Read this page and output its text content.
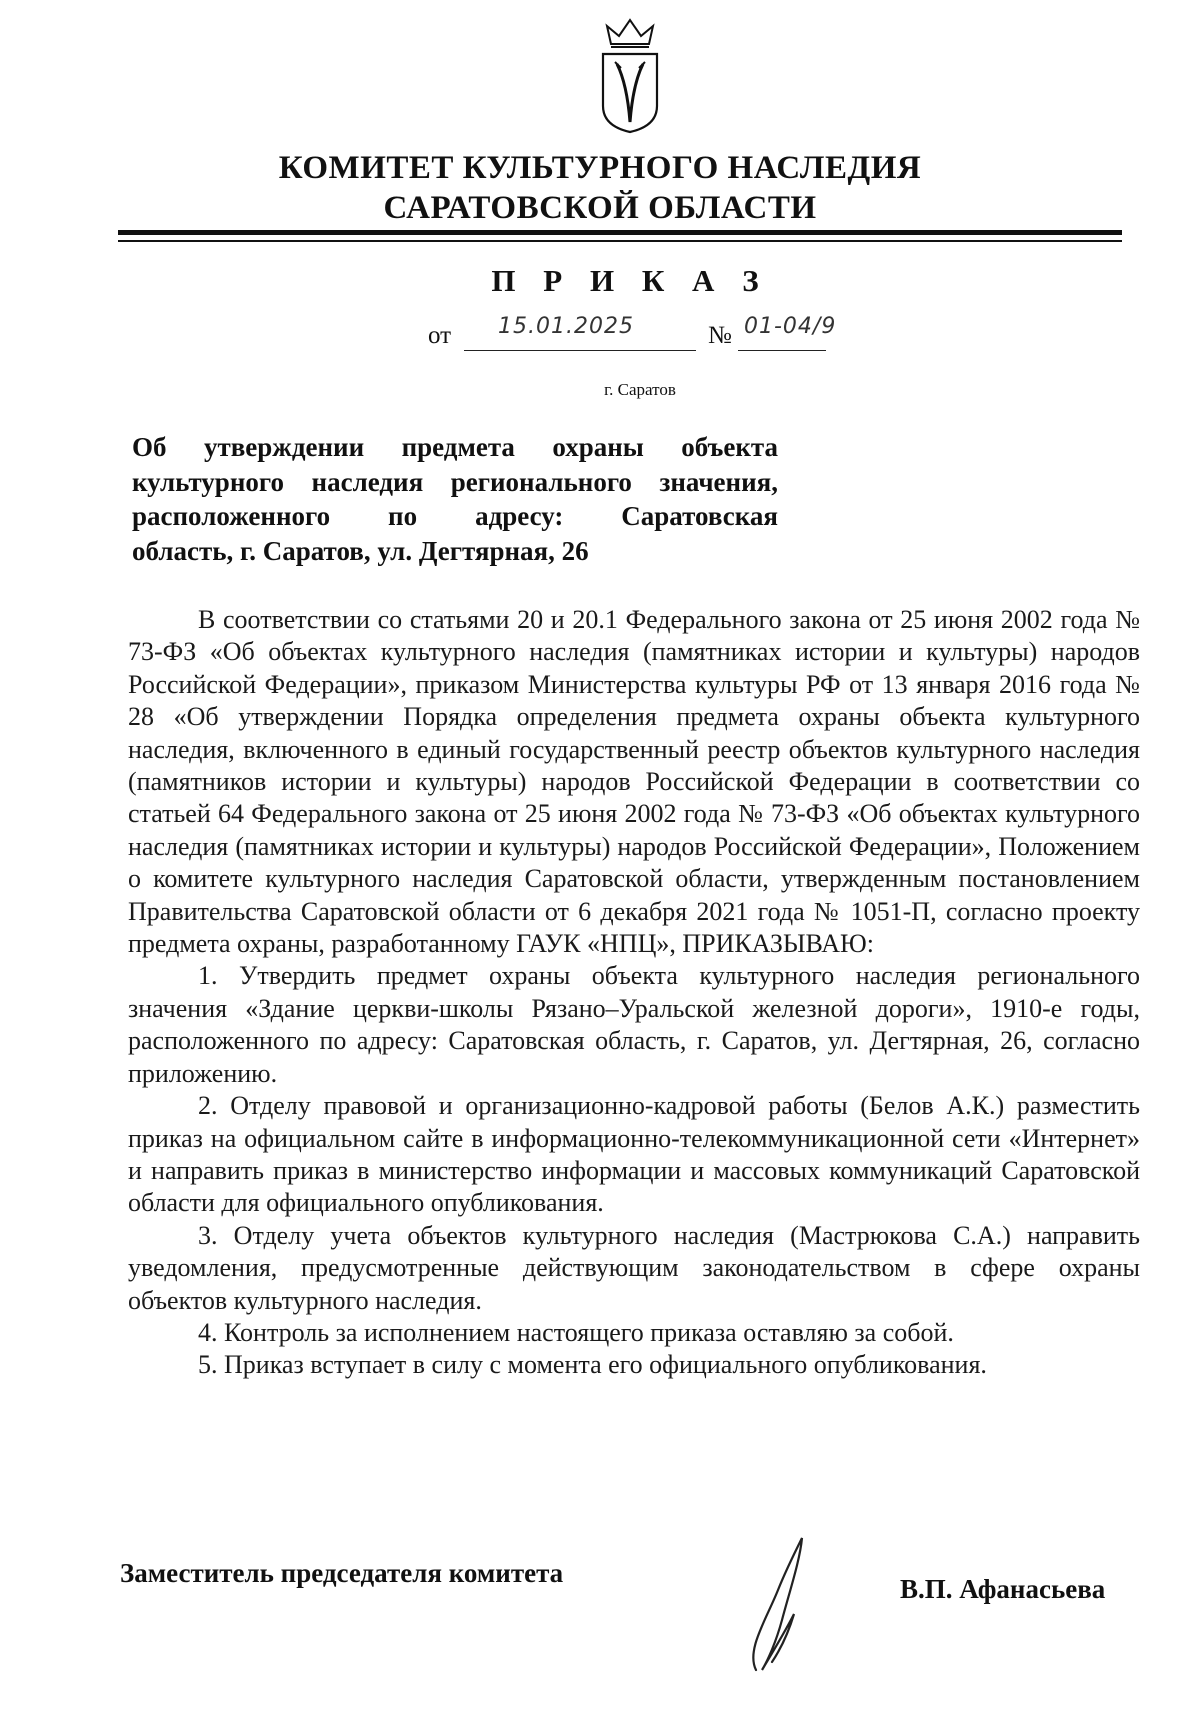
КОМИТЕТ КУЛЬТУРНОГО НАСЛЕДИЯ
САРАТОВСКОЙ ОБЛАСТИ
П Р И К А З
от 15.01.2025	№ 01-04/9
г. Саратов
Об утверждении предмета охраны объекта
культурного наследия регионального значения,
расположенного по адресу: Саратовская
область, г. Саратов, ул. Дегтярная, 26

В соответствии со статьями 20 и 20.1 Федерального закона от 25 июня 2002 года № 73-ФЗ «Об объектах культурного наследия (памятниках истории и культуры) народов Российской Федерации», приказом Министерства культуры РФ от 13 января 2016 года № 28 «Об утверждении Порядка определения предмета охраны объекта культурного наследия, включенного в единый государственный реестр объектов культурного наследия (памятников истории и культуры) народов Российской Федерации в соответствии со статьей 64 Федерального закона от 25 июня 2002 года № 73-ФЗ «Об объектах культурного наследия (памятниках истории и культуры) народов Российской Федерации», Положением о комитете культурного наследия Саратовской области, утвержденным постановлением Правительства Саратовской области от 6 декабря 2021 года № 1051-П, согласно проекту предмета охраны, разработанному ГАУК «НПЦ», ПРИКАЗЫВАЮ:

1. Утвердить предмет охраны объекта культурного наследия регионального значения «Здание церкви-школы Рязано–Уральской железной дороги», 1910-е годы, расположенного по адресу: Саратовская область, г. Саратов, ул. Дегтярная, 26, согласно приложению.

2. Отделу правовой и организационно-кадровой работы (Белов А.К.) разместить приказ на официальном сайте в информационно-телекоммуникационной сети «Интернет» и направить приказ в министерство информации и массовых коммуникаций Саратовской области для официального опубликования.

3. Отделу учета объектов культурного наследия (Мастрюкова С.А.) направить уведомления, предусмотренные действующим законодательством в сфере охраны объектов культурного наследия.

4. Контроль за исполнением настоящего приказа оставляю за собой.

5. Приказ вступает в силу с момента его официального опубликования.

Заместитель председателя комитета
В.П. Афанасьева
